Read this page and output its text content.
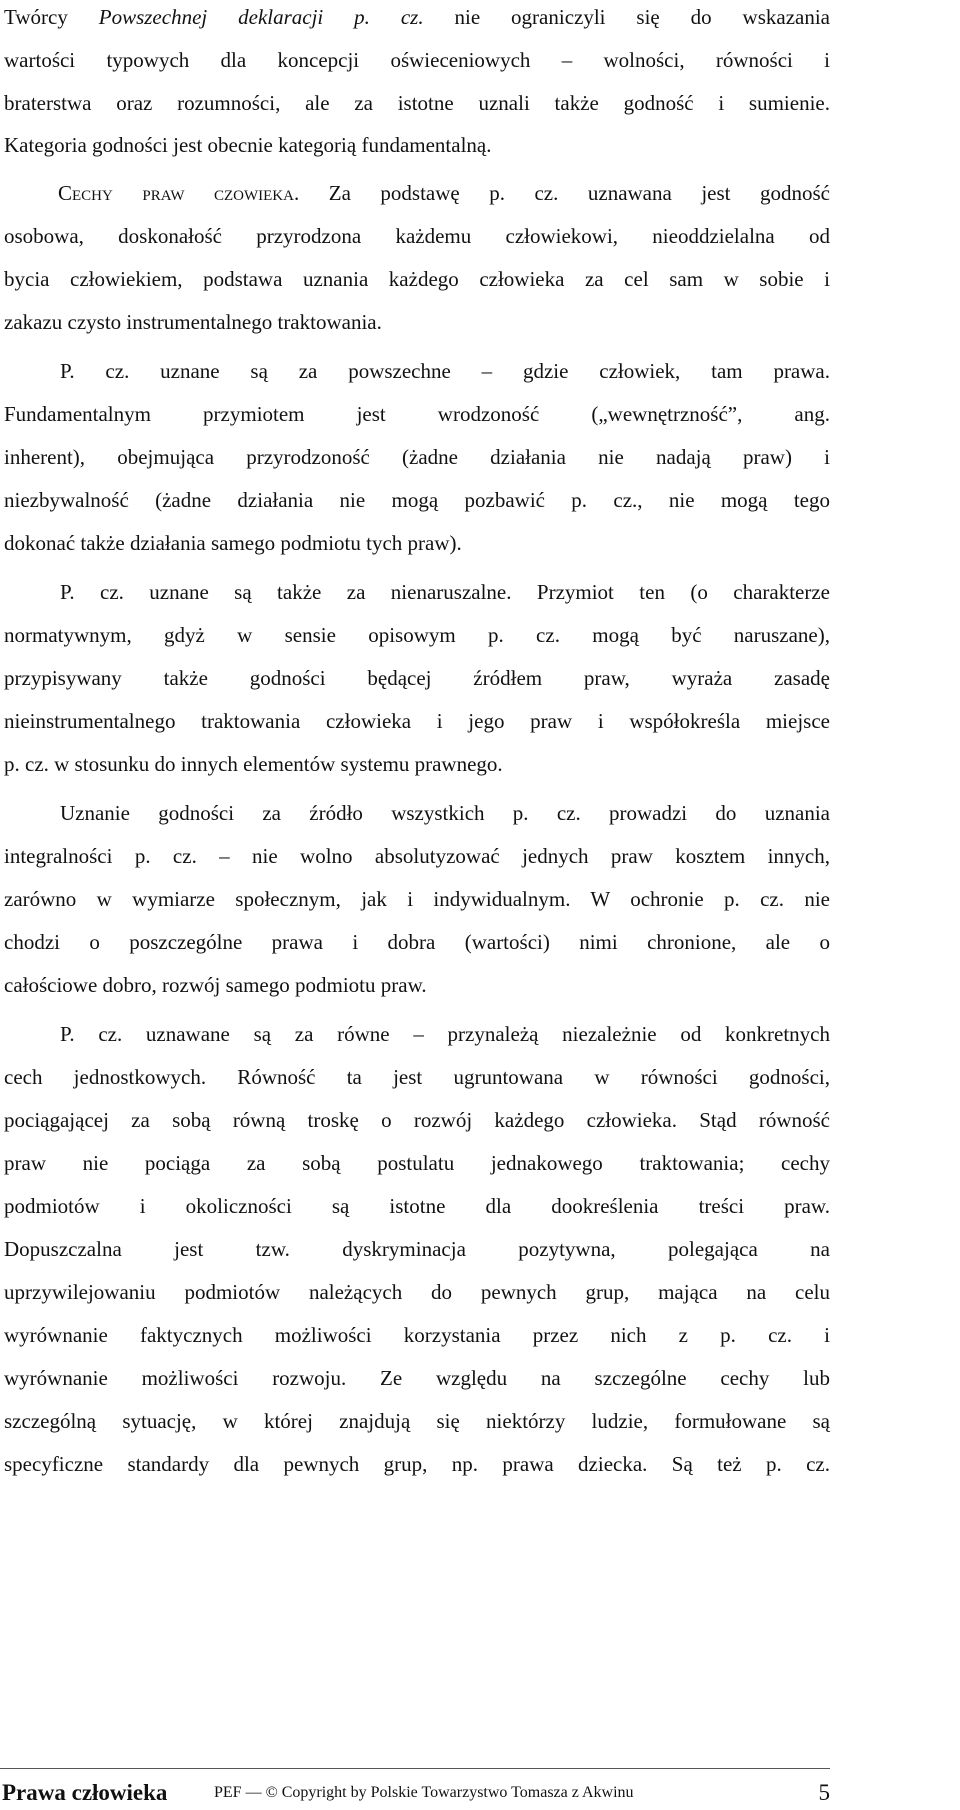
Twórcy Powszechnej deklaracji p. cz. nie ograniczyli się do wskazania
wartości typowych dla koncepcji oświeceniowych – wolności, równości i
braterstwa oraz rozumności, ale za istotne uznali także godność i sumienie.
Kategoria godności jest obecnie kategorią fundamentalną.
Cechy praw czowieka. Za podstawę p. cz. uznawana jest godność
osobowa, doskonałość przyrodzona każdemu człowiekowi, nieoddzielalna od
bycia człowiekiem, podstawa uznania każdego człowieka za cel sam w sobie i
zakazu czysto instrumentalnego traktowania.
P. cz. uznane są za powszechne – gdzie człowiek, tam prawa.
Fundamentalnym przymiotem jest wrodzoność („wewnętrzność”, ang.
inherent), obejmująca przyrodzoność (żadne działania nie nadają praw) i
niezbywalność (żadne działania nie mogą pozbawić p. cz., nie mogą tego
dokonać także działania samego podmiotu tych praw).
P. cz. uznane są także za nienaruszalne. Przymiot ten (o charakterze
normatywnym, gdyż w sensie opisowym p. cz. mogą być naruszane),
przypisywany także godności będącej źródłem praw, wyraża zasadę
nieinstrumentalnego traktowania człowieka i jego praw i współokreśla miejsce
p. cz. w stosunku do innych elementów systemu prawnego.
Uznanie godności za źródło wszystkich p. cz. prowadzi do uznania
integralności p. cz. – nie wolno absolutyzować jednych praw kosztem innych,
zarówno w wymiarze społecznym, jak i indywidualnym. W ochronie p. cz. nie
chodzi o poszczególne prawa i dobra (wartości) nimi chronione, ale o
całościowe dobro, rozwój samego podmiotu praw.
P. cz. uznawane są za równe – przynależą niezależnie od konkretnych
cech jednostkowych. Równość ta jest ugruntowana w równości godności,
pociągającej za sobą równą troskę o rozwój każdego człowieka. Stąd równość
praw nie pociąga za sobą postulatu jednakowego traktowania; cechy
podmiotów i okoliczności są istotne dla dookreślenia treści praw.
Dopuszczalna jest tzw. dyskryminacja pozytywna, polegająca na
uprzywilejowaniu podmiotów należących do pewnych grup, mająca na celu
wyrównanie faktycznych możliwości korzystania przez nich z p. cz. i
wyrównanie możliwości rozwoju. Ze względu na szczególne cechy lub
szczególną sytuację, w której znajdują się niektórzy ludzie, formułowane są
specyficzne standardy dla pewnych grup, np. prawa dziecka. Są też p. cz.
Prawa człowieka	PEF — © Copyright by Polskie Towarzystwo Tomasza z Akwinu	5
